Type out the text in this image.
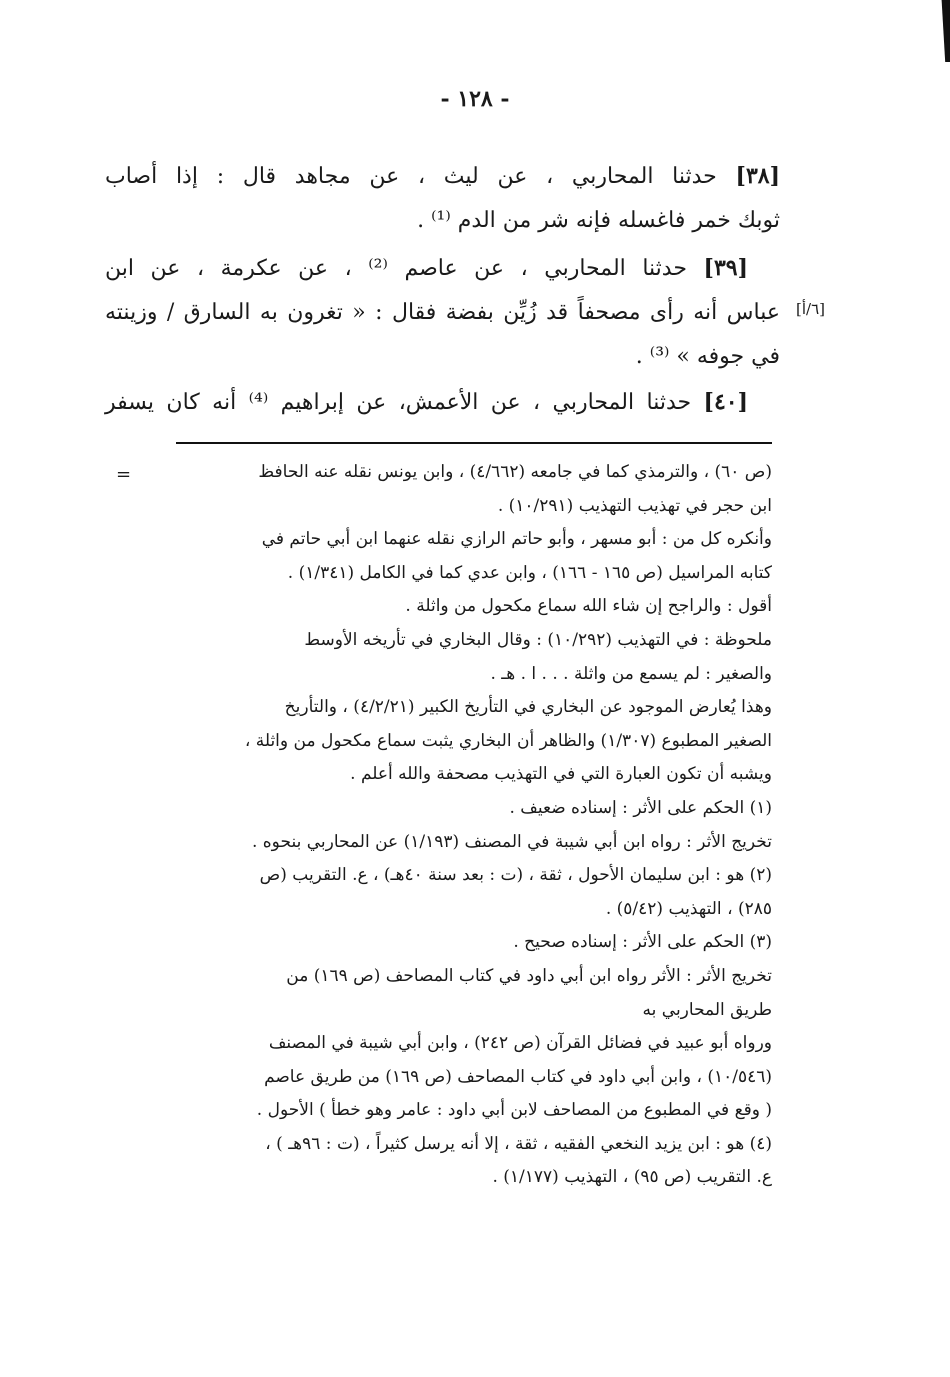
- ١٢٨ -
[٣٨] حدثنا المحاربي ، عن ليث ، عن مجاهد قال : إذا أصاب
ثوبك خمر فاغسله فإنه شر من الدم ⁽¹⁾ .
[٣٩] حدثنا المحاربي ، عن عاصم ⁽²⁾ ، عن عكرمة ، عن ابن
عباس أنه رأى مصحفاً قد زُيِّن بفضة فقال : « تغرون به السارق / وزينته
في جوفه » ⁽³⁾ .
[٤٠] حدثنا المحاربي ، عن الأعمش، عن إبراهيم ⁽⁴⁾ أنه كان يسفر
[٦/أ]
=	(ص ٦٠) ، والترمذي كما في جامعه (٤/٦٦٢) ، وابن يونس نقله عنه الحافظ
ابن حجر في تهذيب التهذيب (١٠/٢٩١) .
وأنكره كل من : أبو مسهر ، وأبو حاتم الرازي نقله عنهما ابن أبي حاتم في
كتابه المراسيل (ص ١٦٥ - ١٦٦) ، وابن عدي كما في الكامل (١/٣٤١) .
أقول : والراجح إن شاء الله سماع مكحول من واثلة .
ملحوظة : في التهذيب (١٠/٢٩٢) : وقال البخاري في تأريخه الأوسط
والصغير : لم يسمع من واثلة . . . ا . هـ .
وهذا يُعارض الموجود عن البخاري في التأريخ الكبير (٤/٢/٢١) ، والتأريخ
الصغير المطبوع (١/٣٠٧) والظاهر أن البخاري يثبت سماع مكحول من واثلة ،
ويشبه أن تكون العبارة التي في التهذيب مصحفة والله أعلم .
(١) الحكم على الأثر : إسناده ضعيف .
تخريج الأثر : رواه ابن أبي شيبة في المصنف (١/١٩٣) عن المحاربي بنحوه .
(٢) هو : ابن سليمان الأحول ، ثقة ، (ت : بعد سنة ٤٠هـ) ، ع. التقريب (ص
٢٨٥) ، التهذيب (٥/٤٢) .
(٣) الحكم على الأثر : إسناده صحيح .
تخريج الأثر : الأثر رواه ابن أبي داود في كتاب المصاحف (ص ١٦٩) من
طريق المحاربي به
ورواه أبو عبيد في فضائل القرآن (ص ٢٤٢) ، وابن أبي شيبة في المصنف
(١٠/٥٤٦) ، وابن أبي داود في كتاب المصاحف (ص ١٦٩) من طريق عاصم
( وقع في المطبوع من المصاحف لابن أبي داود : عامر وهو خطأ ) الأحول .
(٤) هو : ابن يزيد النخعي الفقيه ، ثقة ، إلا أنه يرسل كثيراً ، (ت : ٩٦هـ ) ،
ع. التقريب (ص ٩٥) ، التهذيب (١/١٧٧) .
